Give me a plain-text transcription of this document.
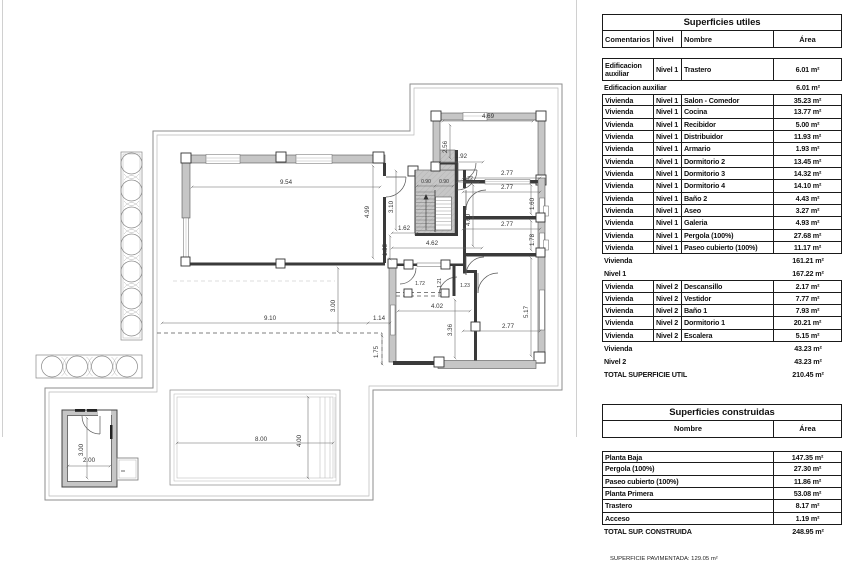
9.54
4.99	3.10
1.62
1.35
4.62
0.90 0.90	1.22
1.92
2.56
4.69
2.77
2.77
1.60
2.77
1.78
4.60
5.17
2.77
4.02
3.36
1.14
9.10
3.00
1.75
8.00	4.00
3.00
2.00
1.72 1.21	1.23
Superficies utiles
Comentarios Nivel	Nombre	Área
Edificacion auxiliar	Nivel 1 Trastero	6.01 m²
Edificacion auxiliar	6.01 m²
Vivienda	Nivel 1 Salon - Comedor	35.23 m²
Vivienda	Nivel 1 Cocina	13.77 m²
Vivienda	Nivel 1 Recibidor	5.00 m²
Vivienda	Nivel 1 Distribuidor	11.93 m²
Vivienda	Nivel 1 Armario	1.93 m²
Vivienda	Nivel 1 Dormitorio 2	13.45 m²
Vivienda	Nivel 1 Dormitorio 3	14.32 m²
Vivienda	Nivel 1 Dormitorio 4	14.10 m²
Vivienda	Nivel 1 Baño 2	4.43 m²
Vivienda	Nivel 1 Aseo	3.27 m²
Vivienda	Nivel 1 Galeria	4.93 m²
Vivienda	Nivel 1 Pergola (100%)	27.68 m²
Vivienda	Nivel 1 Paseo cubierto (100%)	11.17 m²
Vivienda	161.21 m²
Nivel 1	167.22 m²
Vivienda	Nivel 2 Descansillo	2.17 m²
Vivienda	Nivel 2 Vestidor	7.77 m²
Vivienda	Nivel 2 Baño 1	7.93 m²
Vivienda	Nivel 2 Dormitorio 1	20.21 m²
Vivienda	Nivel 2 Escalera	5.15 m²
Vivienda	43.23 m²
Nivel 2	43.23 m²
TOTAL SUPERFICIE UTIL	210.45 m²
Superficies construidas
Nombre	Área
Planta Baja	147.35 m²
Pergola (100%)	27.30 m²
Paseo cubierto (100%)	11.86 m²
Planta Primera	53.08 m²
Trastero	8.17 m²
Acceso	1.19 m²
TOTAL SUP. CONSTRUIDA	248.95 m²
SUPERFICIE PAVIMENTADA: 129.05 m²
